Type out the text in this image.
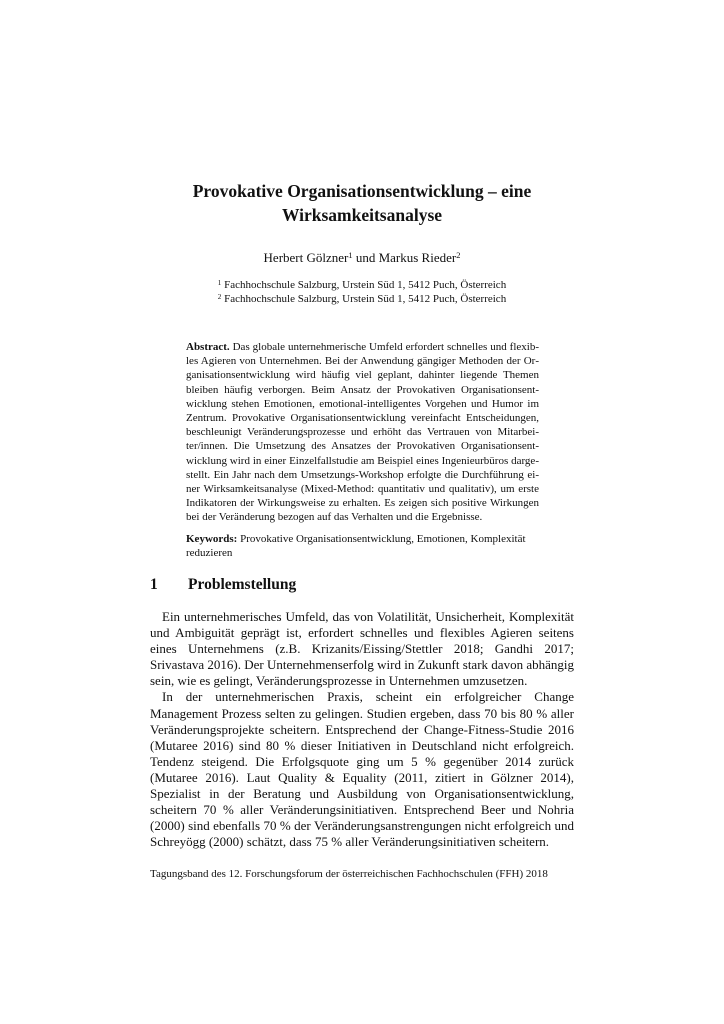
Provokative Organisationsentwicklung – eine
Wirksamkeitsanalyse
Herbert Gölzner$^1$ und Markus Rieder$^2$
$^1$ Fachhochschule Salzburg, Urstein Süd 1, 5412 Puch, Österreich
$^2$ Fachhochschule Salzburg, Urstein Süd 1, 5412 Puch, Österreich
Abstract. Das globale unternehmerische Umfeld erfordert schnelles und flexibles Agieren von Unternehmen. Bei der Anwendung gängiger Methoden der Organisationsentwicklung wird häufig viel geplant, dahinter liegende Themen bleiben häufig verborgen. Beim Ansatz der Provokativen Organisationsentwicklung stehen Emotionen, emotional-intelligentes Vorgehen und Humor im Zentrum. Provokative Organisationsentwicklung vereinfacht Entscheidungen, beschleunigt Veränderungsprozesse und erhöht das Vertrauen von Mitarbeiter/innen. Die Umsetzung des Ansatzes der Provokativen Organisationsentwicklung wird in einer Einzelfallstudie am Beispiel eines Ingenieurbüros dargestellt. Ein Jahr nach dem Umsetzungs-Workshop erfolgte die Durchführung einer Wirksamkeitsanalyse (Mixed-Method: quantitativ und qualitativ), um erste Indikatoren der Wirkungsweise zu erhalten. Es zeigen sich positive Wirkungen bei der Veränderung bezogen auf das Verhalten und die Ergebnisse.
Keywords: Provokative Organisationsentwicklung, Emotionen, Komplexität reduzieren
1 Problemstellung

Ein unternehmerisches Umfeld, das von Volatilität, Unsicherheit, Komplexität und Ambiguität geprägt ist, erfordert schnelles und flexibles Agieren seitens eines Unternehmens (z.B. Krizanits/Eissing/Stettler 2018; Gandhi 2017; Srivastava 2016). Der Unternehmenserfolg wird in Zukunft stark davon abhängig sein, wie es gelingt, Veränderungsprozesse in Unternehmen umzusetzen.

In der unternehmerischen Praxis, scheint ein erfolgreicher Change Management Prozess selten zu gelingen. Studien ergeben, dass 70 bis 80 % aller Veränderungsprojekte scheitern. Entsprechend der Change-Fitness-Studie 2016 (Mutaree 2016) sind 80 % dieser Initiativen in Deutschland nicht erfolgreich. Tendenz steigend. Die Erfolgsquote ging um 5 % gegenüber 2014 zurück (Mutaree 2016). Laut Quality & Equality (2011, zitiert in Gölzner 2014), Spezialist in der Beratung und Ausbildung von Organisationsentwicklung, scheitern 70 % aller Veränderungsinitiativen. Entsprechend Beer und Nohria (2000) sind ebenfalls 70 % der Veränderungsanstrengungen nicht erfolgreich und Schreyögg (2000) schätzt, dass 75 % aller Veränderungsinitiativen scheitern.

Tagungsband des 12. Forschungsforum der österreichischen Fachhochschulen (FFH) 2018
